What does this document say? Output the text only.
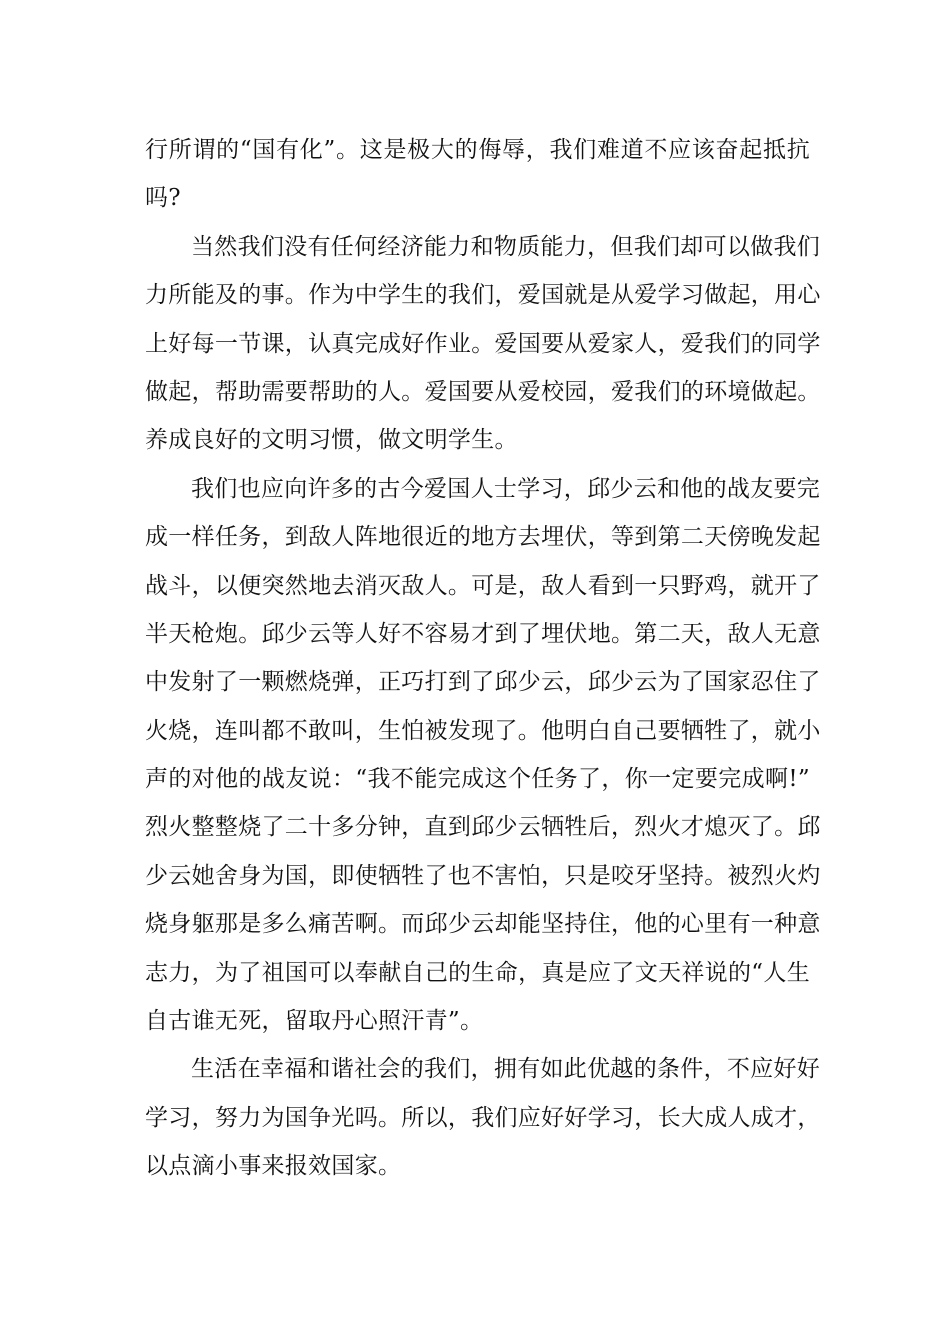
行所谓的“国有化”。这是极大的侮辱，我们难道不应该奋起抵抗
吗?
当然我们没有任何经济能力和物质能力，但我们却可以做我们
力所能及的事。作为中学生的我们，爱国就是从爱学习做起，用心
上好每一节课，认真完成好作业。爱国要从爱家人，爱我们的同学
做起，帮助需要帮助的人。爱国要从爱校园，爱我们的环境做起。
养成良好的文明习惯，做文明学生。
我们也应向许多的古今爱国人士学习，邱少云和他的战友要完
成一样任务，到敌人阵地很近的地方去埋伏，等到第二天傍晚发起
战斗，以便突然地去消灭敌人。可是，敌人看到一只野鸡，就开了
半天枪炮。邱少云等人好不容易才到了埋伏地。第二天，敌人无意
中发射了一颗燃烧弹，正巧打到了邱少云，邱少云为了国家忍住了
火烧，连叫都不敢叫，生怕被发现了。他明白自己要牺牲了，就小
声的对他的战友说：“我不能完成这个任务了，你一定要完成啊!”
烈火整整烧了二十多分钟，直到邱少云牺牲后，烈火才熄灭了。邱
少云她舍身为国，即使牺牲了也不害怕，只是咬牙坚持。被烈火灼
烧身躯那是多么痛苦啊。而邱少云却能坚持住，他的心里有一种意
志力，为了祖国可以奉献自己的生命，真是应了文天祥说的“人生
自古谁无死，留取丹心照汗青”。
生活在幸福和谐社会的我们，拥有如此优越的条件，不应好好
学习，努力为国争光吗。所以，我们应好好学习，长大成人成才，
以点滴小事来报效国家。
